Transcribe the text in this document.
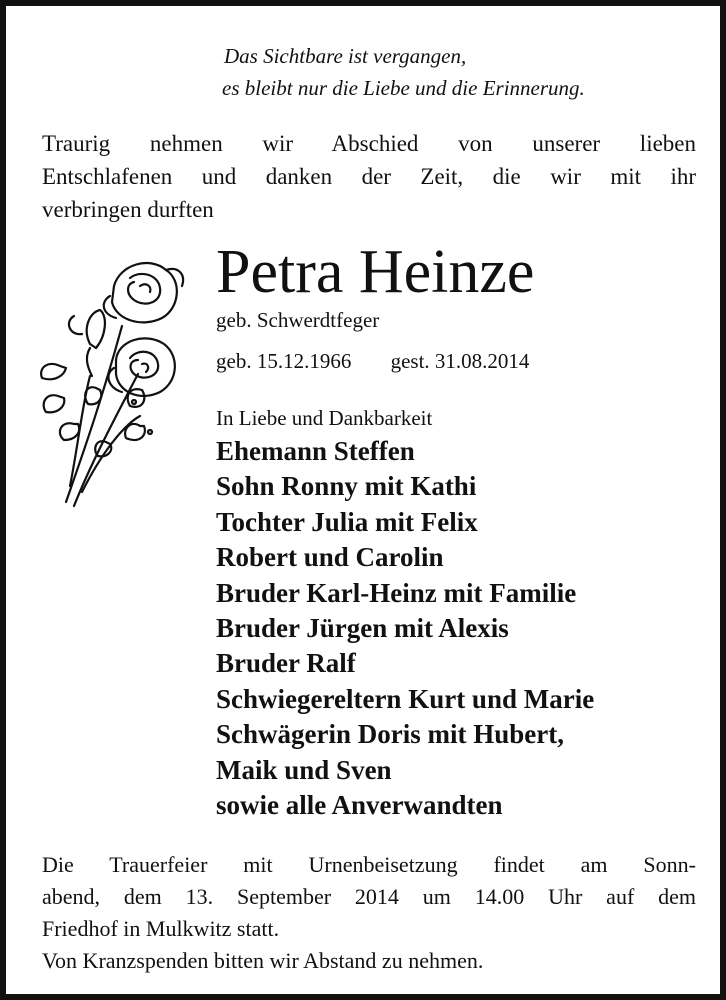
Das Sichtbare ist vergangen,
es bleibt nur die Liebe und die Erinnerung.
Traurig nehmen wir Abschied von unserer lieben
Entschlafenen und danken der Zeit, die wir mit ihr
verbringen durften
Petra Heinze
geb. Schwerdtfeger
geb. 15.12.1966 gest. 31.08.2014
In Liebe und Dankbarkeit
Ehemann Steffen
Sohn Ronny mit Kathi
Tochter Julia mit Felix
Robert und Carolin
Bruder Karl-Heinz mit Familie
Bruder Jürgen mit Alexis
Bruder Ralf
Schwiegereltern Kurt und Marie
Schwägerin Doris mit Hubert,
Maik und Sven
sowie alle Anverwandten
Die Trauerfeier mit Urnenbeisetzung findet am Sonn-
abend, dem 13. September 2014 um 14.00 Uhr auf dem
Friedhof in Mulkwitz statt.
Von Kranzspenden bitten wir Abstand zu nehmen.
